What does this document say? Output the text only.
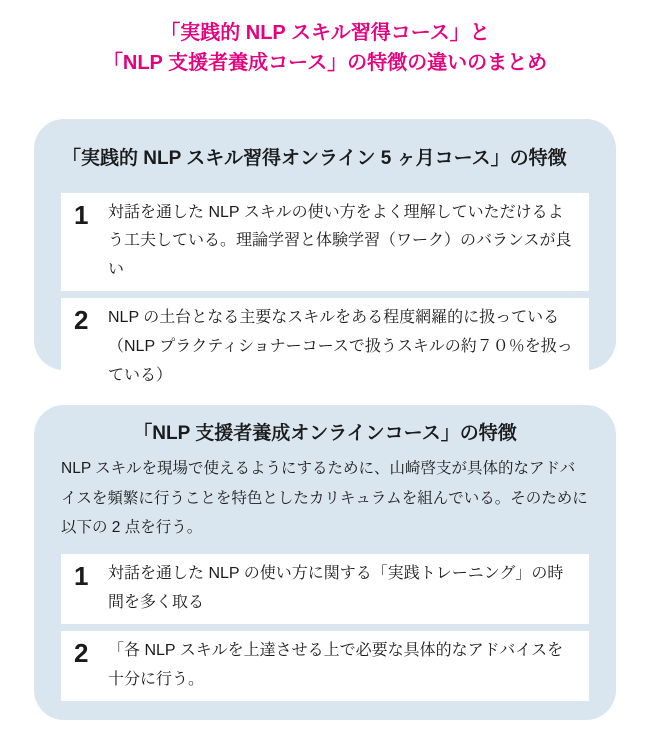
「実践的 NLP スキル習得コース」と
「NLP 支援者養成コース」の特徴の違いのまとめ
「実践的 NLP スキル習得オンライン 5 ヶ月コース」の特徴
1	対話を通した NLP スキルの使い方をよく理解していただけるよう工夫している。理論学習と体験学習（ワーク）のバランスが良い

2	NLP の土台となる主要なスキルをある程度網羅的に扱っている（NLP プラクティショナーコースで扱うスキルの約７０％を扱っている）

「NLP 支援者養成オンラインコース」の特徴

NLP スキルを現場で使えるようにするために、山崎啓支が具体的なアドバイスを頻繁に行うことを特色としたカリキュラムを組んでいる。そのために以下の 2 点を行う。

1	対話を通した NLP の使い方に関する「実践トレーニング」の時間を多く取る

2	「各 NLP スキルを上達させる上で必要な具体的なアドバイスを十分に行う。
